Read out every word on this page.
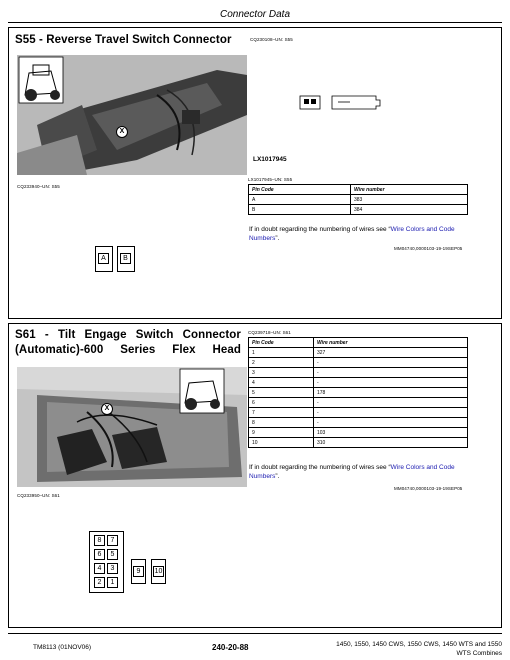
Connector Data
S55 - Reverse Travel Switch Connector
X
CQ233940–UN: S55
CQ230108–UN: S55
LX1017945
LX1017945–UN: S55
Pin Code	Wire number
A	383
B	384
If in doubt regarding the numbering of wires see “Wire Colors and Code Numbers”.
MM04740,0000103-19-19SEP05
A	B
S61 - Tilt Engage Switch Connector (Automatic)-600 Series Flex Head
X
CQ233950–UN: S61
CQ239718–UN: S61
Pin Code	Wire number
1	327
2	-
3	-
4	-
5	178
6	-
7	-
8	-
9	103
10	310
If in doubt regarding the numbering of wires see “Wire Colors and Code Numbers”.
MM04740,0000103-19-19SEP05
8	7
6	5
4	3
2	1
9	10
TM8113 (01NOV06)	240-20-88	1450, 1550, 1450 CWS, 1550 CWS, 1450 WTS and 1550
WTS Combines
